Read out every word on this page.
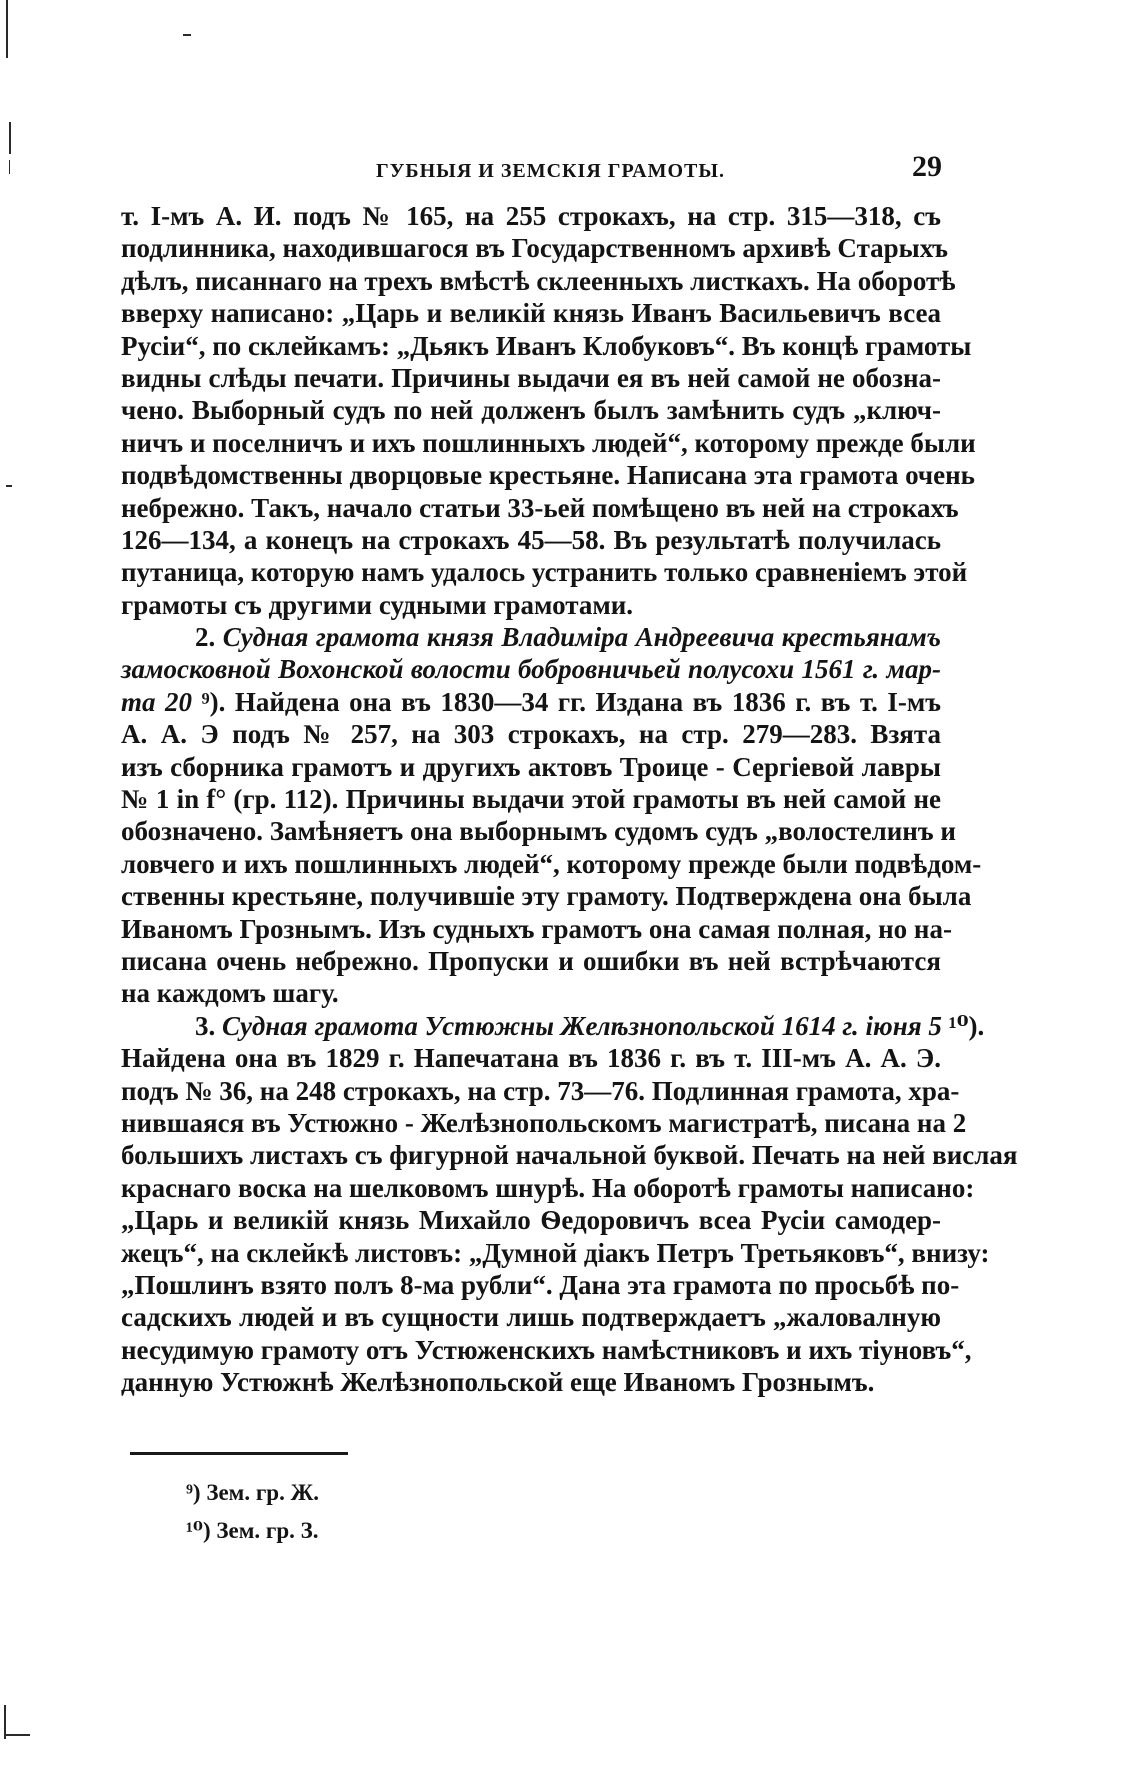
ГУБНЫЯ И ЗЕМСКІЯ ГРАМОТЫ.	29
т. І-мъ А. И. подъ № 165, на 255 строкахъ, на стр. 315—318, съ
подлинника, находившагося въ Государственномъ архивѣ Старыхъ
дѣлъ, писаннаго на трехъ вмѣстѣ склеенныхъ листкахъ. На оборотѣ
вверху написано: „Царь и великій князь Иванъ Васильевичъ всеа
Русіи“, по склейкамъ: „Дьякъ Иванъ Клобуковъ“. Въ концѣ грамоты
видны слѣды печати. Причины выдачи ея въ ней самой не обозна-
чено. Выборный судъ по ней долженъ былъ замѣнить судъ „ключ-
ничъ и поселничъ и ихъ пошлинныхъ людей“, которому прежде были
подвѣдомственны дворцовые крестьяне. Написана эта грамота очень
небрежно. Такъ, начало статьи 33-ьей помѣщено въ ней на строкахъ
126—134, а конецъ на строкахъ 45—58. Въ результатѣ получилась
путаница, которую намъ удалось устранить только сравненіемъ этой
грамоты съ другими судными грамотами.
2. Судная грамота князя Владиміра Андреевича крестьянамъ
замосковной Вохонской волости бобровничьей полусохи 1561 г. мар-
та 20 ⁹). Найдена она въ 1830—34 гг. Издана въ 1836 г. въ т. І-мъ
А. А. Э подъ № 257, на 303 строкахъ, на стр. 279—283. Взята
изъ сборника грамотъ и другихъ актовъ Троице - Сергіевой лавры
№ 1 in f° (гр. 112). Причины выдачи этой грамоты въ ней самой не
обозначено. Замѣняетъ она выборнымъ судомъ судъ „волостелинъ и
ловчего и ихъ пошлинныхъ людей“, которому прежде были подвѣдом-
ственны крестьяне, получившіе эту грамоту. Подтверждена она была
Иваномъ Грознымъ. Изъ судныхъ грамотъ она самая полная, но на-
писана очень небрежно. Пропуски и ошибки въ ней встрѣчаются
на каждомъ шагу.
3. Судная грамота Устюжны Желѣзнопольской 1614 г. іюня 5 ¹⁰).
Найдена она въ 1829 г. Напечатана въ 1836 г. въ т. ІІІ-мъ А. А. Э.
подъ № 36, на 248 строкахъ, на стр. 73—76. Подлинная грамота, хра-
нившаяся въ Устюжно - Желѣзнопольскомъ магистратѣ, писана на 2
большихъ листахъ съ фигурной начальной буквой. Печать на ней вислая
краснаго воска на шелковомъ шнурѣ. На оборотѣ грамоты написано:
„Царь и великій князь Михайло Ѳедоровичъ всеа Русіи самодер-
жецъ“, на склейкѣ листовъ: „Думной діакъ Петръ Третьяковъ“, внизу:
„Пошлинъ взято полъ 8-ма рубли“. Дана эта грамота по просьбѣ по-
садскихъ людей и въ сущности лишь подтверждаетъ „жаловалную
несудимую грамоту отъ Устюженскихъ намѣстниковъ и ихъ тіуновъ“,
данную Устюжнѣ Желѣзнопольской еще Иваномъ Грознымъ.
⁹) Зем. гр. Ж.
¹⁰) Зем. гр. З.
